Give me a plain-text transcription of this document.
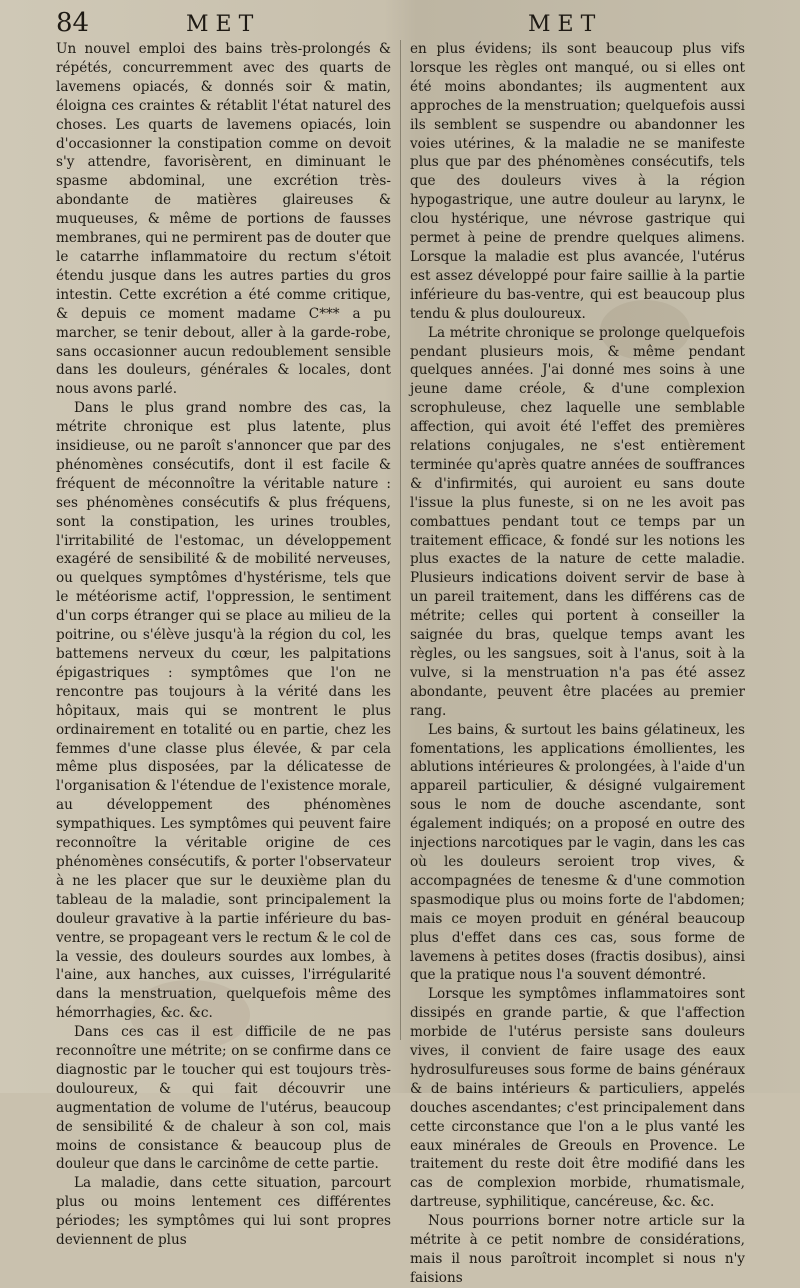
84	MET	MET

Un nouvel emploi des bains très-prolongés & répétés, concurremment avec des quarts de lavemens opiacés, & donnés soir & matin, éloigna ces craintes & rétablit l'état naturel des choses. Les quarts de lavemens opiacés, loin d'occasionner la constipation comme on devoit s'y attendre, favorisèrent, en diminuant le spasme abdominal, une excrétion très-abondante de matières glaireuses & muqueuses, & même de portions de fausses membranes, qui ne permirent pas de douter que le catarrhe inflammatoire du rectum s'étoit étendu jusque dans les autres parties du gros intestin. Cette excrétion a été comme critique, & depuis ce moment madame C*** a pu marcher, se tenir debout, aller à la garde-robe, sans occasionner aucun redoublement sensible dans les douleurs, générales & locales, dont nous avons parlé.

Dans le plus grand nombre des cas, la métrite chronique est plus latente, plus insidieuse, ou ne paroît s'annoncer que par des phénomènes consécutifs, dont il est facile & fréquent de méconnoître la véritable nature : ses phénomènes consécutifs & plus fréquens, sont la constipation, les urines troubles, l'irritabilité de l'estomac, un développement exagéré de sensibilité & de mobilité nerveuses, ou quelques symptômes d'hystérisme, tels que le météorisme actif, l'oppression, le sentiment d'un corps étranger qui se place au milieu de la poitrine, ou s'élève jusqu'à la région du col, les battemens nerveux du cœur, les palpitations épigastriques : symptômes que l'on ne rencontre pas toujours à la vérité dans les hôpitaux, mais qui se montrent le plus ordinairement en totalité ou en partie, chez les femmes d'une classe plus élevée, & par cela même plus disposées, par la délicatesse de l'organisation & l'étendue de l'existence morale, au développement des phénomènes sympathiques. Les symptômes qui peuvent faire reconnoître la véritable origine de ces phénomènes consécutifs, & porter l'observateur à ne les placer que sur le deuxième plan du tableau de la maladie, sont principalement la douleur gravative à la partie inférieure du bas-ventre, se propageant vers le rectum & le col de la vessie, des douleurs sourdes aux lombes, à l'aine, aux hanches, aux cuisses, l'irrégularité dans la menstruation, quelquefois même des hémorrhagies, &c. &c.

Dans ces cas il est difficile de ne pas reconnoître une métrite; on se confirme dans ce diagnostic par le toucher qui est toujours très-douloureux, & qui fait découvrir une augmentation de volume de l'utérus, beaucoup de sensibilité & de chaleur à son col, mais moins de consistance & beaucoup plus de douleur que dans le carcinôme de cette partie.

La maladie, dans cette situation, parcourt plus ou moins lentement ces différentes périodes; les symptômes qui lui sont propres deviennent de plus

en plus évidens; ils sont beaucoup plus vifs lorsque les règles ont manqué, ou si elles ont été moins abondantes; ils augmentent aux approches de la menstruation; quelquefois aussi ils semblent se suspendre ou abandonner les voies utérines, & la maladie ne se manifeste plus que par des phénomènes consécutifs, tels que des douleurs vives à la région hypogastrique, une autre douleur au larynx, le clou hystérique, une névrose gastrique qui permet à peine de prendre quelques alimens. Lorsque la maladie est plus avancée, l'utérus est assez développé pour faire saillie à la partie inférieure du bas-ventre, qui est beaucoup plus tendu & plus douloureux.

La métrite chronique se prolonge quelquefois pendant plusieurs mois, & même pendant quelques années. J'ai donné mes soins à une jeune dame créole, & d'une complexion scrophuleuse, chez laquelle une semblable affection, qui avoit été l'effet des premières relations conjugales, ne s'est entièrement terminée qu'après quatre années de souffrances & d'infirmités, qui auroient eu sans doute l'issue la plus funeste, si on ne les avoit pas combattues pendant tout ce temps par un traitement efficace, & fondé sur les notions les plus exactes de la nature de cette maladie. Plusieurs indications doivent servir de base à un pareil traitement, dans les différens cas de métrite; celles qui portent à conseiller la saignée du bras, quelque temps avant les règles, ou les sangsues, soit à l'anus, soit à la vulve, si la menstruation n'a pas été assez abondante, peuvent être placées au premier rang.

Les bains, & surtout les bains gélatineux, les fomentations, les applications émollientes, les ablutions intérieures & prolongées, à l'aide d'un appareil particulier, & désigné vulgairement sous le nom de douche ascendante, sont également indiqués; on a proposé en outre des injections narcotiques par le vagin, dans les cas où les douleurs seroient trop vives, & accompagnées de tenesme & d'une commotion spasmodique plus ou moins forte de l'abdomen; mais ce moyen produit en général beaucoup plus d'effet dans ces cas, sous forme de lavemens à petites doses (fractis dosibus), ainsi que la pratique nous l'a souvent démontré.

Lorsque les symptômes inflammatoires sont dissipés en grande partie, & que l'affection morbide de l'utérus persiste sans douleurs vives, il convient de faire usage des eaux hydrosulfureuses sous forme de bains généraux & de bains intérieurs & particuliers, appelés douches ascendantes; c'est principalement dans cette circonstance que l'on a le plus vanté les eaux minérales de Greouls en Provence. Le traitement du reste doit être modifié dans les cas de complexion morbide, rhumatismale, dartreuse, syphilitique, cancéreuse, &c. &c.

Nous pourrions borner notre article sur la métrite à ce petit nombre de considérations, mais il nous paroîtroit incomplet si nous n'y faisions
